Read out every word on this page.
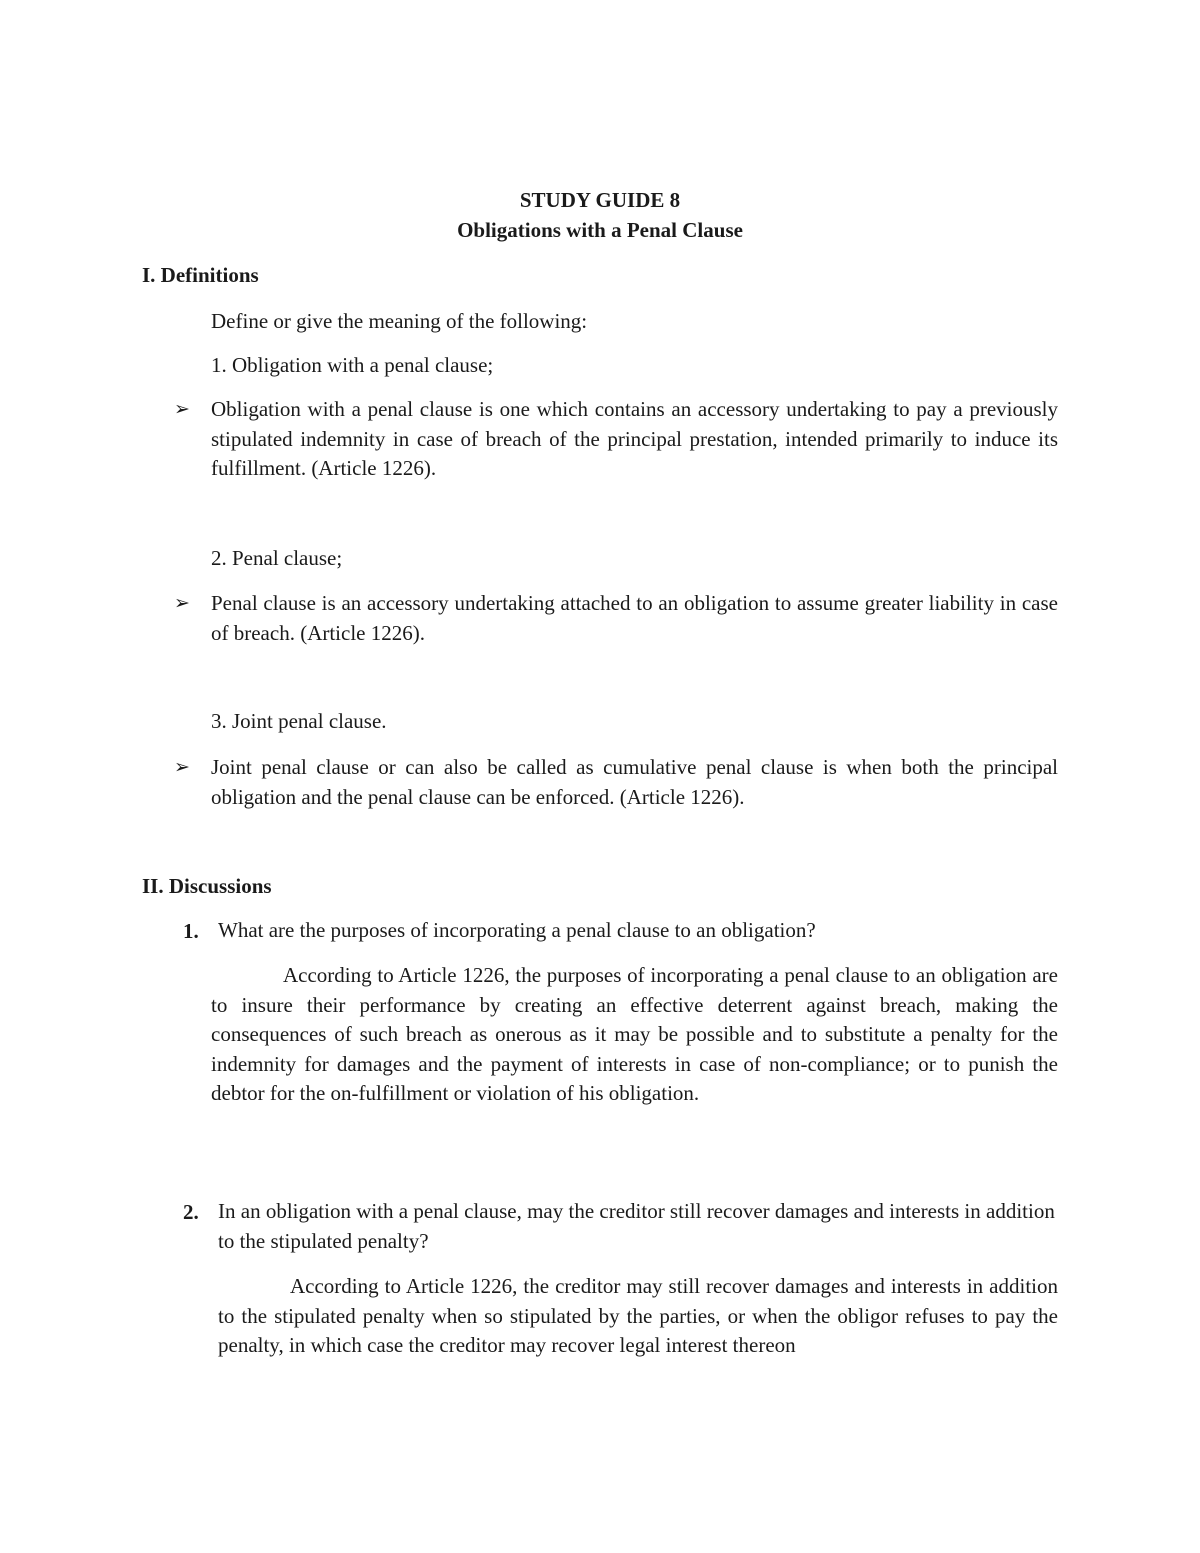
STUDY GUIDE 8
Obligations with a Penal Clause
I. Definitions
Define or give the meaning of the following:
1. Obligation with a penal clause;
➢ Obligation with a penal clause is one which contains an accessory undertaking to pay a previously stipulated indemnity in case of breach of the principal prestation, intended primarily to induce its fulfillment. (Article 1226).
2. Penal clause;
➢ Penal clause is an accessory undertaking attached to an obligation to assume greater liability in case of breach. (Article 1226).
3. Joint penal clause.
➢ Joint penal clause or can also be called as cumulative penal clause is when both the principal obligation and the penal clause can be enforced. (Article 1226).
II. Discussions
1. What are the purposes of incorporating a penal clause to an obligation?
According to Article 1226, the purposes of incorporating a penal clause to an obligation are to insure their performance by creating an effective deterrent against breach, making the consequences of such breach as onerous as it may be possible and to substitute a penalty for the indemnity for damages and the payment of interests in case of non-compliance; or to punish the debtor for the on-fulfillment or violation of his obligation.
2. In an obligation with a penal clause, may the creditor still recover damages and interests in addition to the stipulated penalty?
According to Article 1226, the creditor may still recover damages and interests in addition to the stipulated penalty when so stipulated by the parties, or when the obligor refuses to pay the penalty, in which case the creditor may recover legal interest thereon
